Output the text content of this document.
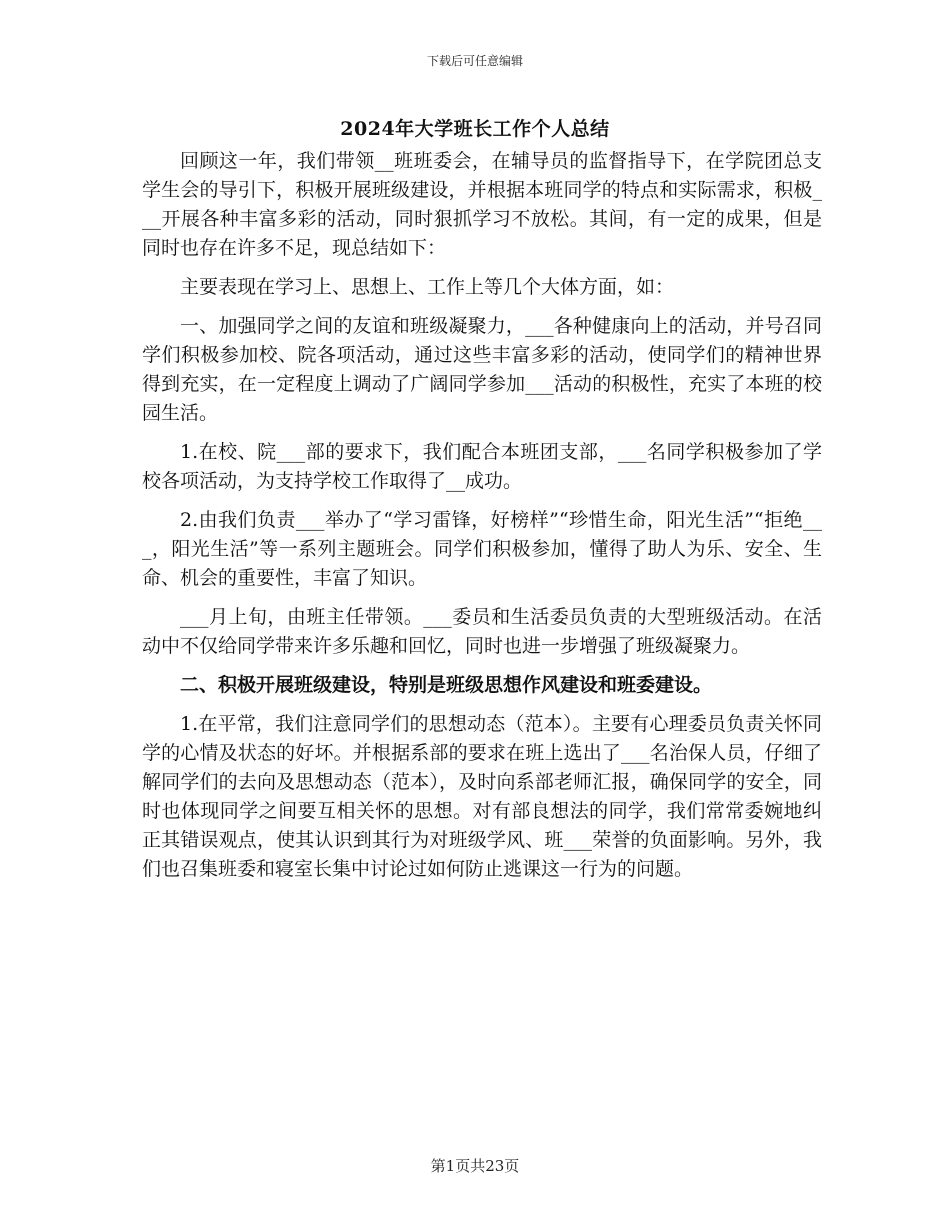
下载后可任意编辑
2024年大学班长工作个人总结

回顾这一年，我们带领__班班委会，在辅导员的监督指导下，在学院团总支学生会的导引下，积极开展班级建设，并根据本班同学的特点和实际需求，积极___开展各种丰富多彩的活动，同时狠抓学习不放松。其间，有一定的成果，但是同时也存在许多不足，现总结如下：

主要表现在学习上、思想上、工作上等几个大体方面，如：

一、加强同学之间的友谊和班级凝聚力，___各种健康向上的活动，并号召同学们积极参加校、院各项活动，通过这些丰富多彩的活动，使同学们的精神世界得到充实，在一定程度上调动了广阔同学参加___活动的积极性，充实了本班的校园生活。

1.在校、院___部的要求下，我们配合本班团支部，___名同学积极参加了学校各项活动，为支持学校工作取得了__成功。

2.由我们负责___举办了“学习雷锋，好榜样”“珍惜生命，阳光生活”“拒绝___，阳光生活”等一系列主题班会。同学们积极参加，懂得了助人为乐、安全、生命、机会的重要性，丰富了知识。

___月上旬，由班主任带领。___委员和生活委员负责的大型班级活动。在活动中不仅给同学带来许多乐趣和回忆，同时也进一步增强了班级凝聚力。

二、积极开展班级建设，特别是班级思想作风建设和班委建设。

1.在平常，我们注意同学们的思想动态（范本）。主要有心理委员负责关怀同学的心情及状态的好坏。并根据系部的要求在班上选出了___名治保人员，仔细了解同学们的去向及思想动态（范本），及时向系部老师汇报，确保同学的安全，同时也体现同学之间要互相关怀的思想。对有部良想法的同学，我们常常委婉地纠正其错误观点，使其认识到其行为对班级学风、班___荣誉的负面影响。另外，我们也召集班委和寝室长集中讨论过如何防止逃课这一行为的问题。

第1页共23页
